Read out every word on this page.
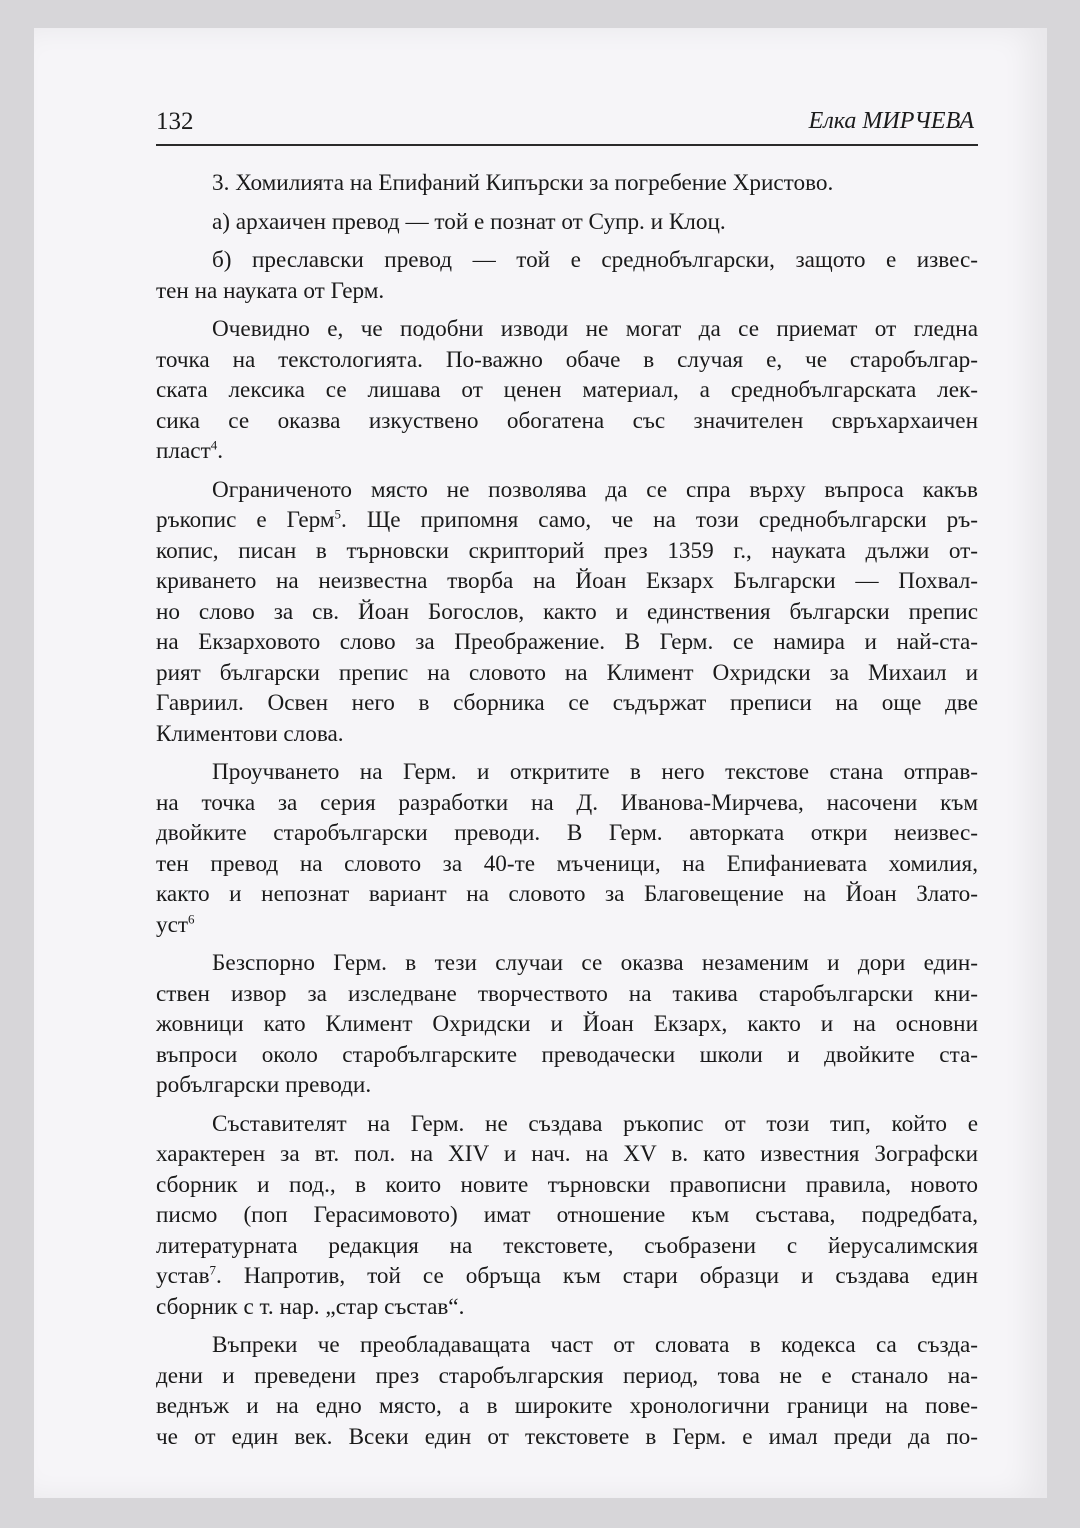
132	Елка МИРЧЕВА
3. Хомилията на Епифаний Кипърски за погребение Христово.
а) архаичен превод — той е познат от Супр. и Клоц.
б) преславски превод — той е среднобългарски, защото е извес-
тен на науката от Герм.
Очевидно е, че подобни изводи не могат да се приемат от гледна
точка на текстологията. По-важно обаче в случая е, че старобългар-
ската лексика се лишава от ценен материал, а среднобългарската лек-
сика се оказва изкуствено обогатена със значителен свръхархаичен
пласт$^4$.
Ограниченото място не позволява да се спра върху въпроса какъв
ръкопис е Герм$^5$. Ще припомня само, че на този среднобългарски ръ-
копис, писан в търновски скрипторий през 1359 г., науката дължи от-
криването на неизвестна творба на Йоан Екзарх Български — Похвал-
но слово за св. Йоан Богослов, както и единствения български препис
на Екзарховото слово за Преображение. В Герм. се намира и най-ста-
рият български препис на словото на Климент Охридски за Михаил и
Гавриил. Освен него в сборника се съдържат преписи на още две
Климентови слова.
Проучването на Герм. и откритите в него текстове стана отправ-
на точка за серия разработки на Д. Иванова-Мирчева, насочени към
двойките старобългарски преводи. В Герм. авторката откри неизвес-
тен превод на словото за 40-те мъченици, на Епифаниевата хомилия,
както и непознат вариант на словото за Благовещение на Йоан Злато-
уст$^6$
Безспорно Герм. в тези случаи се оказва незаменим и дори един-
ствен извор за изследване творчеството на такива старобългарски кни-
жовници като Климент Охридски и Йоан Екзарх, както и на основни
въпроси около старобългарските преводачески школи и двойките ста-
робългарски преводи.
Съставителят на Герм. не създава ръкопис от този тип, който е
характерен за вт. пол. на XIV и нач. на XV в. като известния Зографски
сборник и под., в които новите търновски правописни правила, новото
писмо (поп Герасимовото) имат отношение към състава, подредбата,
литературната редакция на текстовете, съобразени с йерусалимския
устав$^7$. Напротив, той се обръща към стари образци и създава един
сборник с т. нар. „стар състав“.
Въпреки че преобладаващата част от словата в кодекса са създа-
дени и преведени през старобългарския период, това не е станало на-
веднъж и на едно място, а в широките хронологични граници на пове-
че от един век. Всеки един от текстовете в Герм. е имал преди да по-
